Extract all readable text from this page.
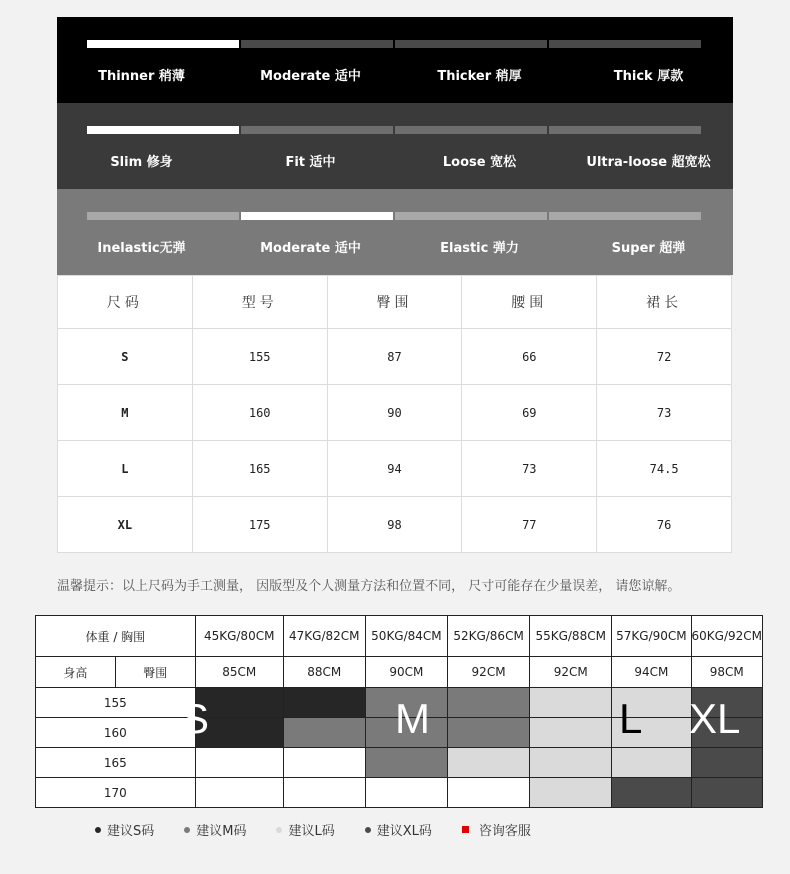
Thinner 稍薄	Moderate 适中	Thicker 稍厚	Thick 厚款
Slim 修身	Fit 适中	Loose 宽松	Ultra-loose 超宽松
Inelastic无弹	Moderate 适中	Elastic 弹力	Super 超弹
尺码	型号	臀围	腰围	裙长
S	155	87	66	72
M	160	90	69	73
L	165	94	73	74.5
XL	175	98	77	76
温馨提示：以上尺码为手工测量， 因版型及个人测量方法和位置不同， 尺寸可能存在少量误差， 请您谅解。
体重 / 胸围		45KG/80CM	47KG/82CM	50KG/84CM	52KG/86CM	55KG/88CM	57KG/90CM	60KG/92CM
身高	臀围	85CM	88CM	90CM	92CM	92CM	94CM	98CM
155								
160								
165								
170								
S	M	L XL
建议S码	建议M码	建议L码	建议XL码	咨询客服
